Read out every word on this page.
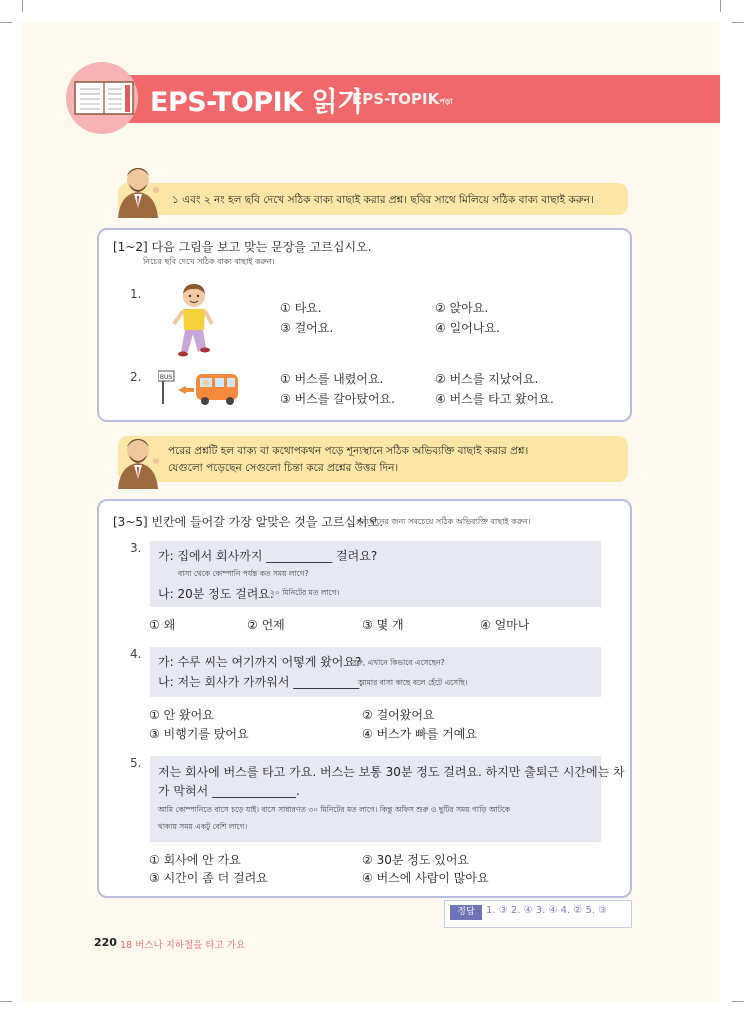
EPS-TOPIK 읽기
EPS-TOPIKপড়া
১ এবং ২ নং হল ছবি দেখে সঠিক বাক্য বাছাই করার প্রশ্ন। ছবির সাথে মিলিয়ে সঠিক বাক্য বাছাই করুন।
[1~2] 다음 그림을 보고 맞는 문장을 고르십시오.
নিচের ছবি দেখে সঠিক বাক্য বাছাই করুন।
1.
① 타요.	② 앉아요.
③ 걸어요.	④ 일어나요.
2.	BUS	① 버스를 내렸어요.	② 버스를 지났어요.
③ 버스를 갈아탔어요.	④ 버스를 타고 왔어요.
পরের প্রশ্নটি হল বাক্য বা কথোপকথন পড়ে শূন্যস্থানে সঠিক অভিব্যক্তি বাছাই করার প্রশ্ন।
যেগুলো পড়েছেন সেগুলো চিন্তা করে প্রশ্নের উত্তর দিন।
[3~5] 빈칸에 들어갈 가장 알맞은 것을 고르십시오.
শূন্যস্থানের জন্য সবচেয়ে সঠিক অভিব্যক্তি বাছাই করুন।
3.
가: 집에서 회사까지 ___________ 걸려요?
বাসা থেকে কোম্পানি পর্যন্ত কত সময় লাগে?
나: 20분 정도 걸려요.
২০ মিনিটের মত লাগে।
① 왜	② 언제	③ 몇 개	④ 얼마나
4.
가: 수루 씨는 여기까지 어떻게 왔어요?
সুরু, এখানে কিভাবে এসেছেন?
나: 저는 회사가 가까워서 ___________.
আমার বাসা কাছে বলে হেঁটে এসেছি।
① 안 왔어요	② 걸어왔어요
③ 비행기를 탔어요	④ 버스가 빠를 거예요
5.
저는 회사에 버스를 타고 가요. 버스는 보통 30분 정도 걸려요. 하지만 출퇴근 시간에는 차
가 막혀서 ______________.
আমি কোম্পানিতে বাসে চড়ে যাই। বাসে সাধারণত ৩০ মিনিটের মত লাগে। কিন্তু অফিস শুরু ও ছুটির সময় গাড়ি আটকে
থাকায় সময় একটু বেশি লাগে।
① 회사에 안 가요	② 30분 정도 있어요
③ 시간이 좀 더 걸려요	④ 버스에 사람이 많아요
정답	1. ③ 2. ④ 3. ④ 4. ② 5. ③
220 18 버스나 지하철을 타고 가요
